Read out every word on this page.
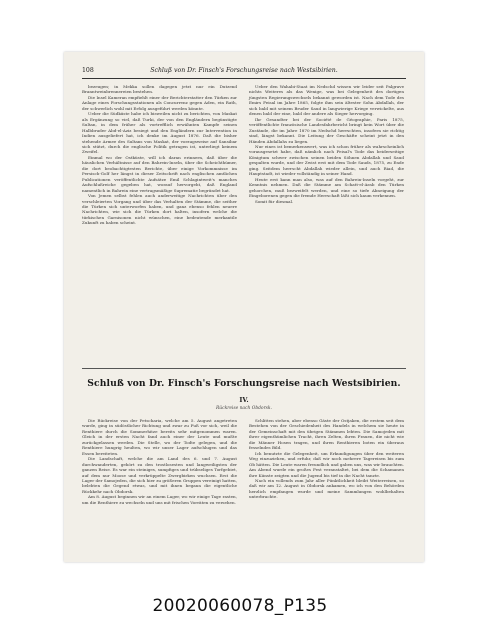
108	Schluß von Dr. Finsch's Forschungsreise nach Westsibirien.

bezeugen; in Mekka sollen dagegen jetzt nur ein Dutzend Branntweinbrennereien bestehen.

Die Insel Kameran empfiehlt einer der Berichterstatter den Türken zur Anlage eines Forschungsstationen als Concurrenz gegen Aden, ein Rath, der schwerlich wohl mit Erfolg ausgeführt werden könnte.

Ueber die Südküste habe ich bisweilen nicht zu berichten, von Maskat als Ergänzung so viel, daß Turki, der von den Engländern begünstigte Sultan, in dem früher als vortrefflich erwähnten Kampfe seinen Halbbruder Abd-el-Aziz besiegt und den Engländern zur Intervention in Indien ausgeliefert hat, ich denke im August 1876. Daß die bisher stehende Armee des Sultans von Maskat, der vorzugsweise auf Sansibar sich stützt, durch die englische Politik getragen ist, unterliegt keinem Zweifel.

Einmal wo der Ostküste, will ich daran erinnern, daß über die häuslichen Verhältnisse auf den Bahrein-Inseln, über die Scheichthümer, die dort beobachtigtesten Berichte, über einige Vorkommnisse im Persisch-Golf her längst in dieser Zeitschrift nach englischen amtlichen Publicationen veröffentlichte Aufsätze Emil Schlagintweit's manches Aufschlußreiche gegeben hat, worauf hervorgeht, daß England namentlich in Bahrein eine vertragsmäßige Suprematie begründet hat.

Von Jemen selbst fehlen auch anderweitige Nachrichten über den verschleierten Vorgang und über das Verhalten der Stämme, die seither die Türken sich unterworfen haben, und ganz ebenso fehlen neuere Nachrichten, wie sich die Türken dort halten, insofern welche die türkischen Garnisonen nicht wünschen, eine bedeutende merkantile Zukunft zu haben scheint.

Ueber den Wahabi-Staat im Nedschd wissen wir leider seit Palgrave nichts Weiteres als das Wenige, was bei Gelegenheit des dortigen jüngsten Regierungswechsels bekannt geworden ist. Nach dem Tode des Emirs Feisal im Jahre 1865, folgte ihm sein ältester Sohn Abdallah, der sich bald mit seinem Bruder Saud in langwierige Kriege verwickelte, aus denen bald der eine, bald der andere als Sieger hervorging.

Ihr Gesandter bei der Société de Géographie, Paris 1875, veröffentlichte französische Landesfahrbericht bringt kein Wort über die Zustände, die im Jahre 1870 im Nedschd herrschten, insofern sie richtig sind, längst bekannt. Die Leitung der Geschäfte scheint jetzt in den Händen Abdallahs zu liegen.

Nur eines ist bemerkenswert, was ich schon früher als wahrscheinlich vorausgesetzt habe, daß nämlich nach Feisal's Tode das beiderseitige Königtum schwer zwischen seinen beiden Söhnen Abdallah und Saud gespalten wurde, und der Zwist erst mit dem Tode Sauds, 1875, zu Ende ging. Seitdem herrscht Abdallah wieder allein, und auch Riad, die Hauptstadt, ist wieder vollständig in seiner Hand.

Heute erst kann man also, was auf den Bahrein-Inseln vorgeht, zur Kenntnis nehmen. Daß die Stämme am Schatt-el-Arab den Türken gehorchen, muß bezweifelt werden, und eine so tiefe Abneigung der Eingeborenen gegen die fremde Herrschaft läßt sich kaum verkennen.

Somit für diesmal.

Schluß von Dr. Finsch's Forschungsreise nach Westsibirien.
IV.
Rückreise nach Obdorsk.

Die Rückreise von der Petscharia, welche am 5. August angetreten wurde, ging in südöstlicher Richtung und zwar zu Fuß vor sich, weil die Renthiere durch die Sommerhitze bereits sehr mitgenommen waren. Gleich in der ersten Nacht fand auch einer der Leute und mußte zurückgelassen werden. Die Stelle, wo der Todte gelegen, und die Renthiere hungrig heulten, wo wir unser Lager aufschlugen und das Essen bereiteten.

Die Landschaft, welche die am Land des 6. und 7. August durchwanderten, gehört zu den trostlosesten und langweiligsten der ganzen Reise. Es war ein steiniges, sumpfiges und trübseliges Torfgebiet, auf dem nur Moose und verkrüppelte Zwergbirken wuchsen. Erst die Lager der Samojeden, die sich hier zu größeren Gruppen vereinigt hatten, belebten die Gegend etwas, und mit ihnen begann die eigentliche Rückkehr nach Obdorsk.

Am 8. August beginnen wir an einem Lager, wo wir einige Tage rasten, um die Renthiere zu wechseln und uns mit frischen Vorräten zu versehen.

Schlitten stehen, aber ebenso Gäste der Ostjaken, die erstem seit dem Bestehen von der Geschiedenheit des Handels in welchem sie heute in der Gemeinschaft mit den übrigen Stämmen lebten. Die Samojeden mit ihrer eigenthümlichen Tracht, ihren Zelten, ihren Frauen, die nicht wie die Männer Hosen tragen, und ihren Renthieren boten ein überaus fesselndes Bild.

Ich benutzte die Gelegenheit, um Erkundigungen über den weiteren Weg einzuziehen, und erfuhr, daß wir noch mehrere Tagereisen bis zum Ob hätten. Die Leute waren freundlich und gaben uns, was wir brauchten. Am Abend wurde ein großes Fest veranstaltet, bei dem die Schamanen ihre Künste zeigten und die Jugend bis tief in die Nacht tanzte.

Nach ein vollends zum Jahr aller Pünktlichkeit bleibt Weiterreisen, so daß wir am 12. August in Obdorsk ankamen, wo ich von den Behörden herzlich empfangen wurde und meine Sammlungen wohlbehalten unterbrachte.

20020060078_P135
